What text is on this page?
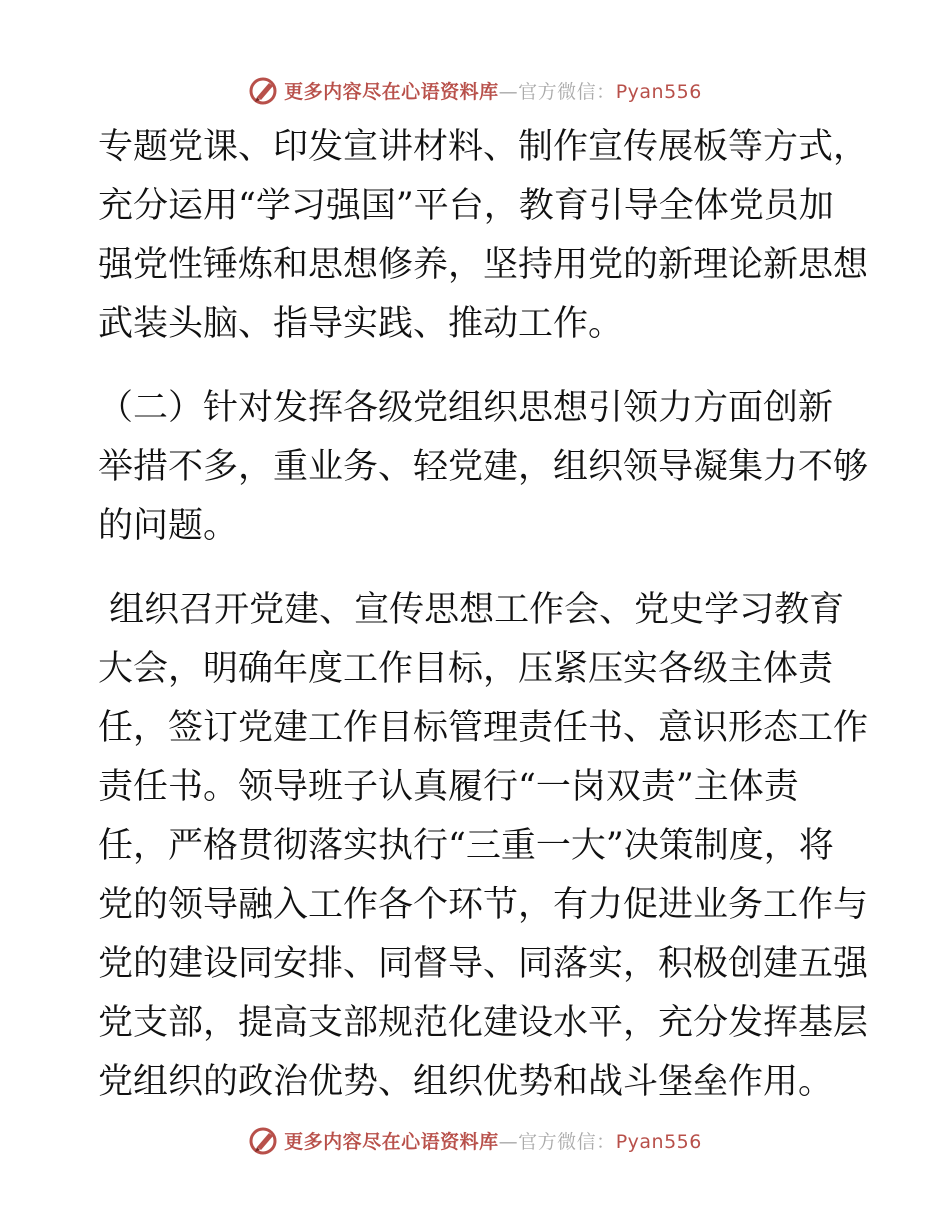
更多内容尽在心语资料库—官方微信：Pyan556
专题党课、印发宣讲材料、制作宣传展板等方式，
充分运用“学习强国”平台，教育引导全体党员加
强党性锤炼和思想修养，坚持用党的新理论新思想
武装头脑、指导实践、推动工作。
（二）针对发挥各级党组织思想引领力方面创新
举措不多，重业务、轻党建，组织领导凝集力不够
的问题。
组织召开党建、宣传思想工作会、党史学习教育
大会，明确年度工作目标，压紧压实各级主体责
任，签订党建工作目标管理责任书、意识形态工作
责任书。领导班子认真履行“一岗双责”主体责
任，严格贯彻落实执行“三重一大”决策制度，将
党的领导融入工作各个环节，有力促进业务工作与
党的建设同安排、同督导、同落实，积极创建五强
党支部，提高支部规范化建设水平，充分发挥基层
党组织的政治优势、组织优势和战斗堡垒作用。
更多内容尽在心语资料库—官方微信：Pyan556
